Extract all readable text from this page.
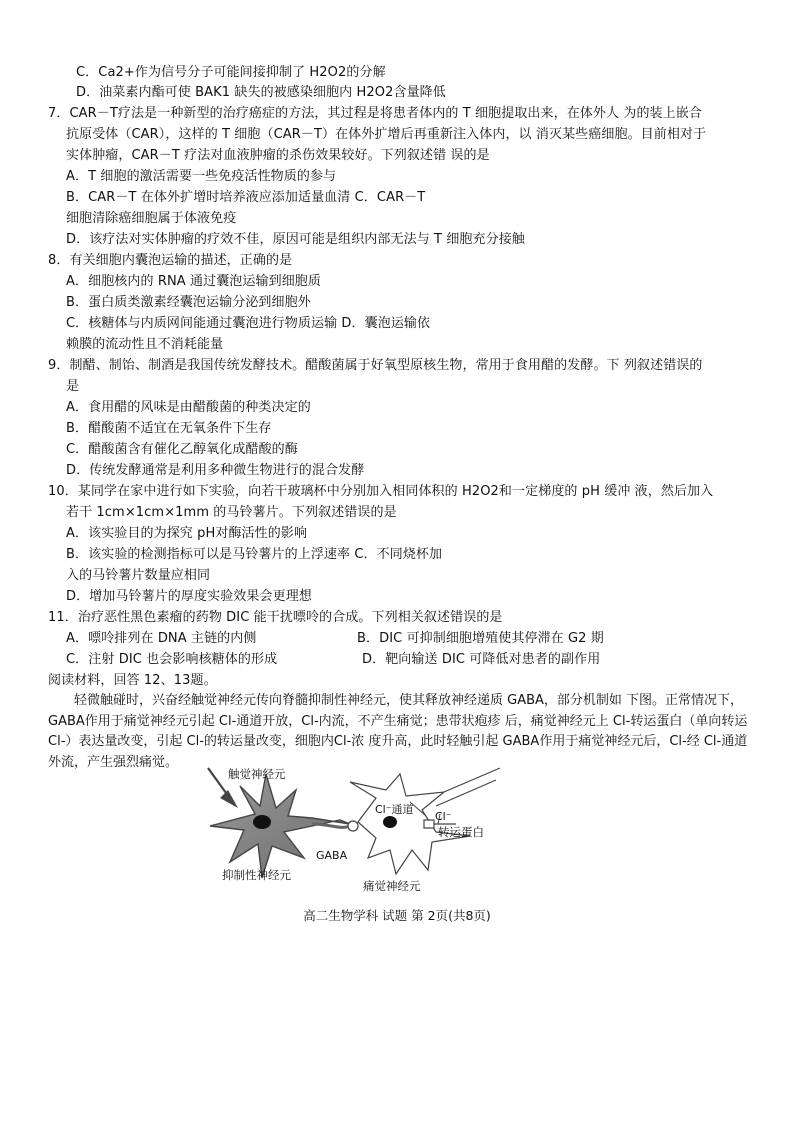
C．Ca2+作为信号分子可能间接抑制了 H2O2的分解
D．油菜素内酯可使 BAK1 缺失的被感染细胞内 H2O2含量降低
7．CAR－T疗法是一种新型的治疗癌症的方法，其过程是将患者体内的 T 细胞提取出来，在体外人 为的装上嵌合
抗原受体（CAR），这样的 T 细胞（CAR－T）在体外扩增后再重新注入体内，以 消灭某些癌细胞。目前相对于
实体肿瘤，CAR－T 疗法对血液肿瘤的杀伤效果较好。下列叙述错 误的是
A．T 细胞的激活需要一些免疫活性物质的参与
B．CAR－T 在体外扩增时培养液应添加适量血清 C．CAR－T
细胞清除癌细胞属于体液免疫
D．该疗法对实体肿瘤的疗效不佳，原因可能是组织内部无法与 T 细胞充分接触
8．有关细胞内囊泡运输的描述，正确的是
A．细胞核内的 RNA 通过囊泡运输到细胞质
B．蛋白质类激素经囊泡运输分泌到细胞外
C．核糖体与内质网间能通过囊泡进行物质运输 D．囊泡运输依
赖膜的流动性且不消耗能量
9．制醋、制饴、制酒是我国传统发酵技术。醋酸菌属于好氧型原核生物，常用于食用醋的发酵。下 列叙述错误的
是
A．食用醋的风味是由醋酸菌的种类决定的
B．醋酸菌不适宜在无氧条件下生存
C．醋酸菌含有催化乙醇氧化成醋酸的酶
D．传统发酵通常是利用多种微生物进行的混合发酵
10．某同学在家中进行如下实验，向若干玻璃杯中分别加入相同体积的 H2O2和一定梯度的 pH 缓冲 液，然后加入
若干 1cm×1cm×1mm 的马铃薯片。下列叙述错误的是
A．该实验目的为探究 pH对酶活性的影响
B．该实验的检测指标可以是马铃薯片的上浮速率 C．不同烧杯加
入的马铃薯片数量应相同
D．增加马铃薯片的厚度实验效果会更理想
11．治疗恶性黑色素瘤的药物 DIC 能干扰嘌呤的合成。下列相关叙述错误的是
A．嘌呤排列在 DNA 主链的内侧	B．DIC 可抑制细胞增殖使其停滞在 G2 期
C．注射 DIC 也会影响核糖体的形成	D．靶向输送 DIC 可降低对患者的副作用
阅读材料，回答 12、13题。
轻微触碰时，兴奋经触觉神经元传向脊髓抑制性神经元，使其释放神经递质 GABA，部分机制如 下图。正常情况下，GABA作用于痛觉神经元引起 Cl-通道开放，Cl-内流，不产生痛觉；患带状疱疹 后，痛觉神经元上 Cl-转运蛋白（单向转运 Cl-）表达量改变，引起 Cl-的转运量改变，细胞内Cl-浓 度升高，此时轻触引起 GABA作用于痛觉神经元后，Cl-经 Cl-通道外流，产生强烈痛觉。
触觉神经元
抑制性神经元
痛觉神经元
Cl⁻通道
Cl⁻
转运蛋白
GABA
高二生物学科 试题 第 2页(共8页)
